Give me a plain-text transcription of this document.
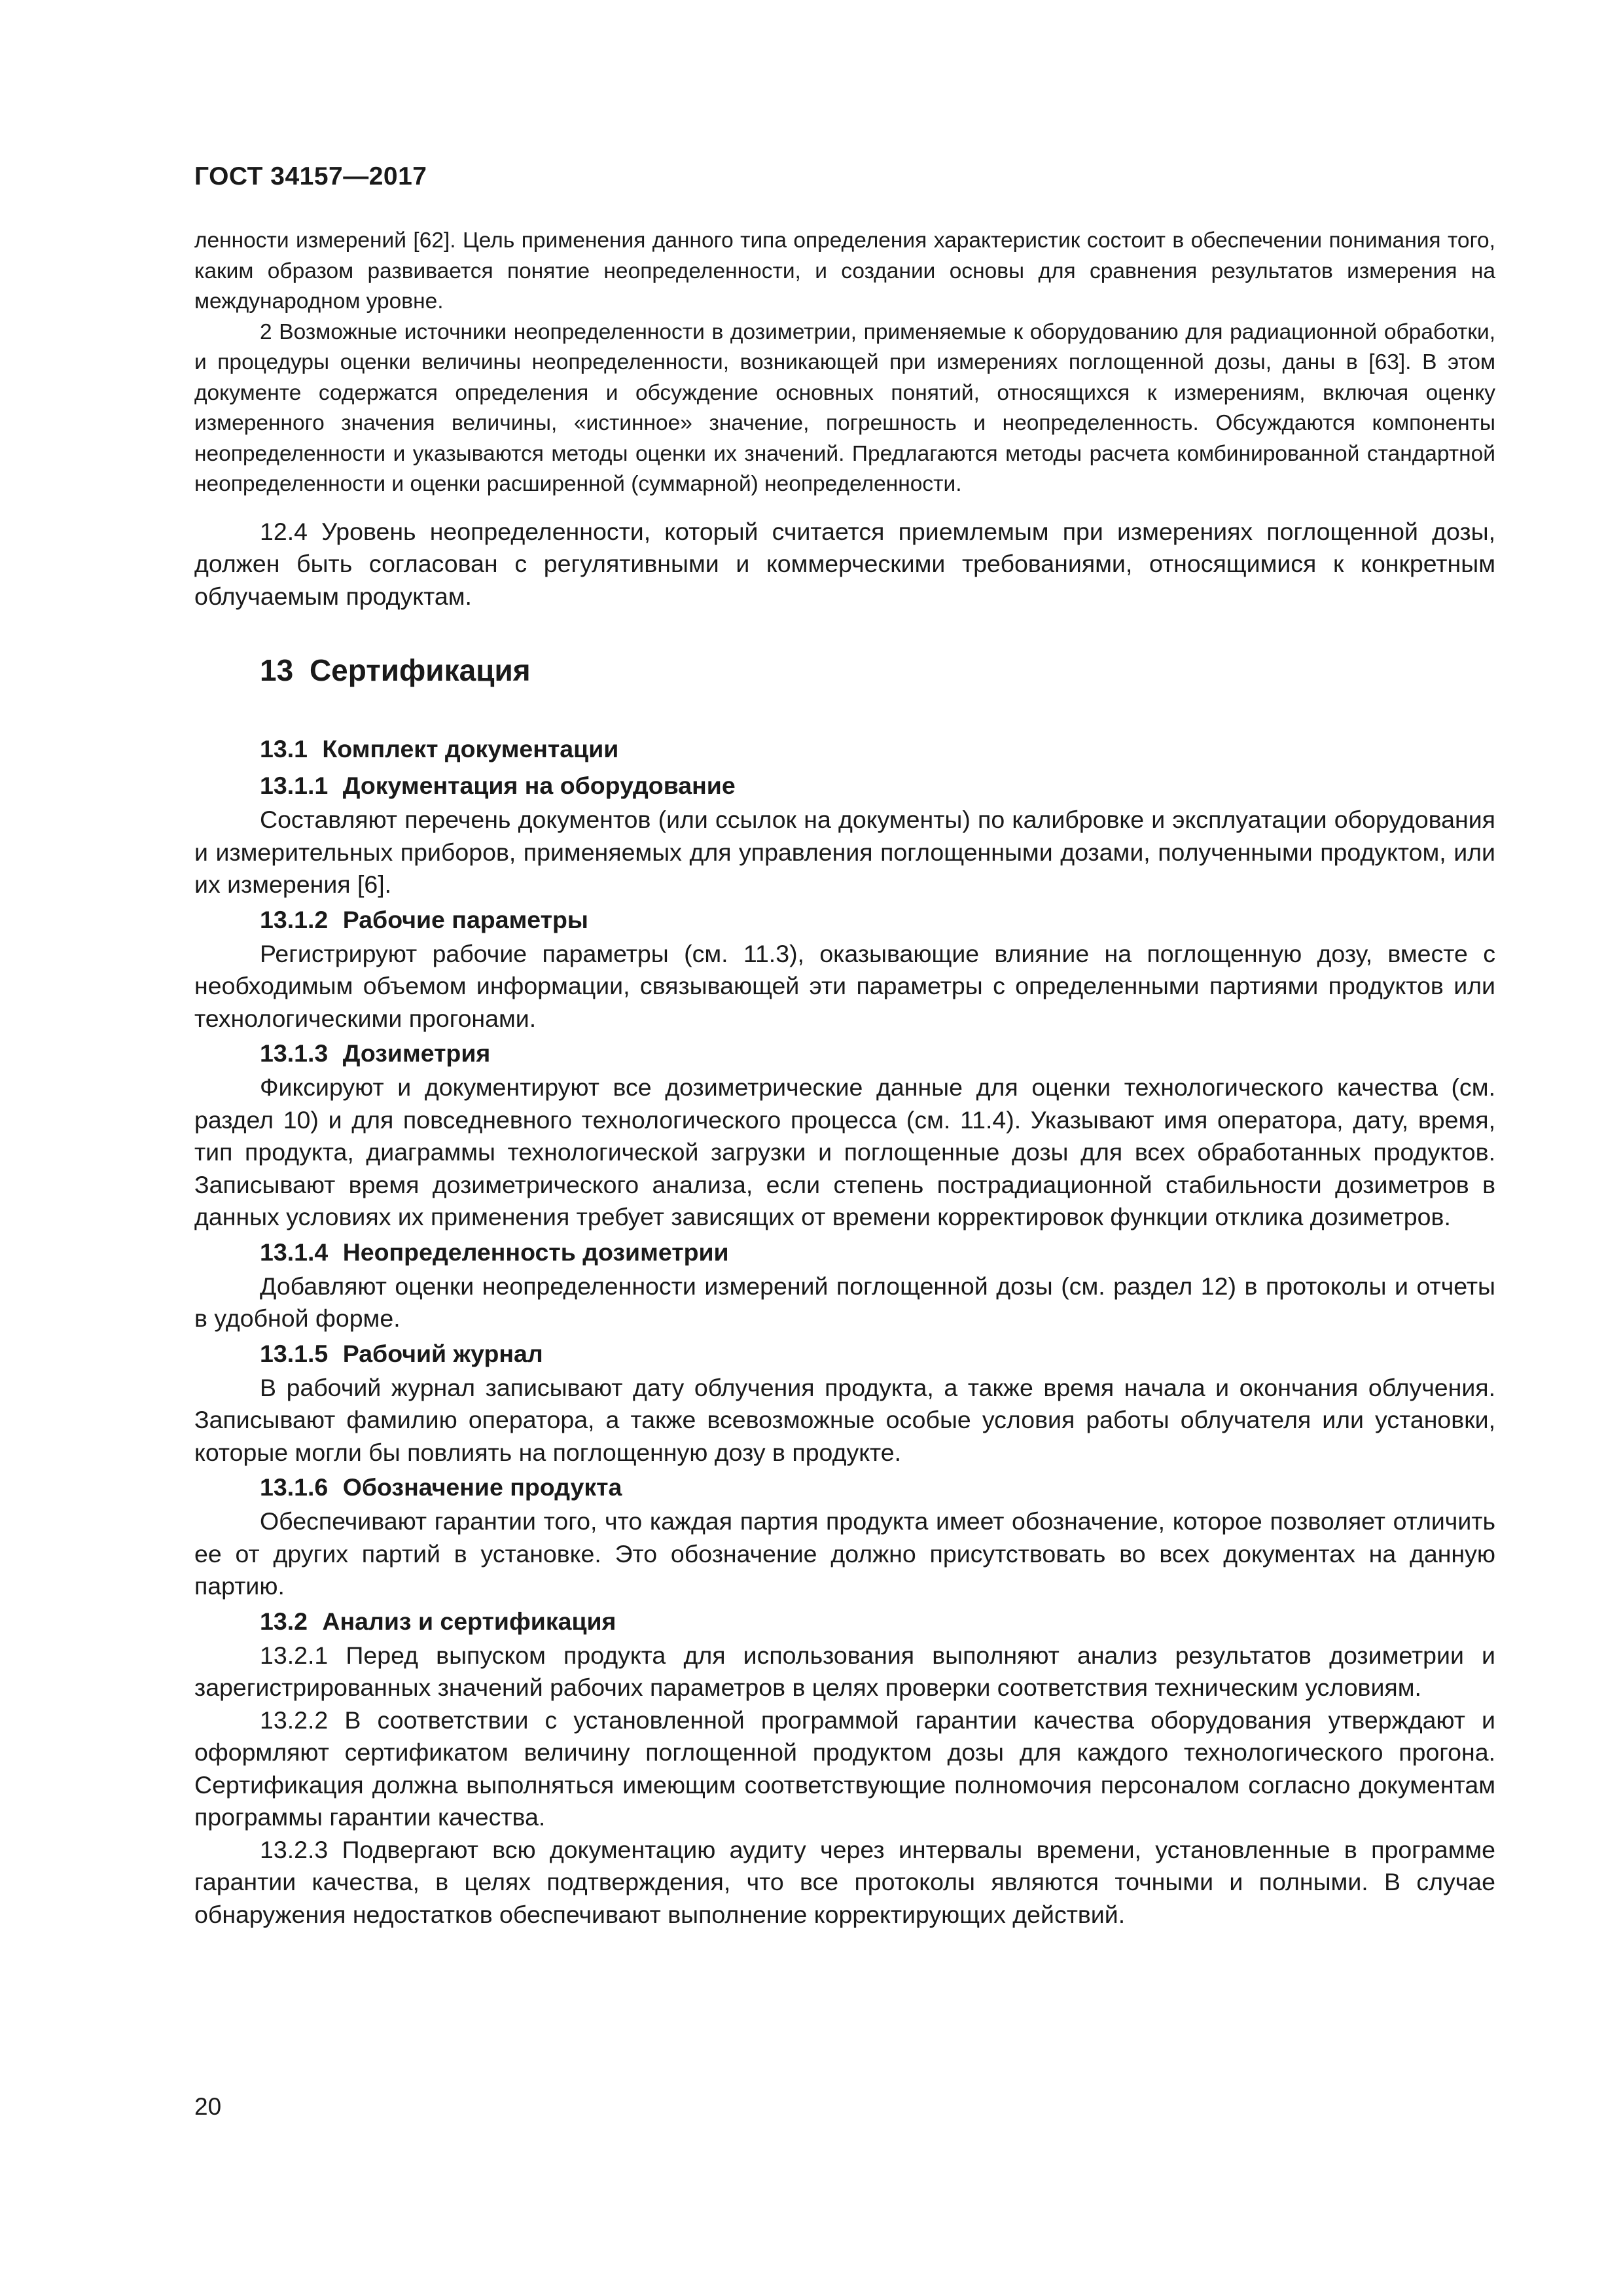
ГОСТ 34157—2017

ленности измерений [62]. Цель применения данного типа определения характеристик состоит в обеспечении понимания того, каким образом развивается понятие неопределенности, и создании основы для сравнения результатов измерения на международном уровне.

2 Возможные источники неопределенности в дозиметрии, применяемые к оборудованию для радиационной обработки, и процедуры оценки величины неопределенности, возникающей при измерениях поглощенной дозы, даны в [63]. В этом документе содержатся определения и обсуждение основных понятий, относящихся к измерениям, включая оценку измеренного значения величины, «истинное» значение, погрешность и неопределенность. Обсуждаются компоненты неопределенности и указываются методы оценки их значений. Предлагаются методы расчета комбинированной стандартной неопределенности и оценки расширенной (суммарной) неопределенности.

12.4 Уровень неопределенности, который считается приемлемым при измерениях поглощенной дозы, должен быть согласован с регулятивными и коммерческими требованиями, относящимися к конкретным облучаемым продуктам.

13 Сертификация
13.1 Комплект документации
13.1.1 Документация на оборудование

Составляют перечень документов (или ссылок на документы) по калибровке и эксплуатации оборудования и измерительных приборов, применяемых для управления поглощенными дозами, полученными продуктом, или их измерения [6].

13.1.2 Рабочие параметры

Регистрируют рабочие параметры (см. 11.3), оказывающие влияние на поглощенную дозу, вместе с необходимым объемом информации, связывающей эти параметры с определенными партиями продуктов или технологическими прогонами.

13.1.3 Дозиметрия

Фиксируют и документируют все дозиметрические данные для оценки технологического качества (см. раздел 10) и для повседневного технологического процесса (см. 11.4). Указывают имя оператора, дату, время, тип продукта, диаграммы технологической загрузки и поглощенные дозы для всех обработанных продуктов. Записывают время дозиметрического анализа, если степень пострадиационной стабильности дозиметров в данных условиях их применения требует зависящих от времени корректировок функции отклика дозиметров.

13.1.4 Неопределенность дозиметрии

Добавляют оценки неопределенности измерений поглощенной дозы (см. раздел 12) в протоколы и отчеты в удобной форме.

13.1.5 Рабочий журнал

В рабочий журнал записывают дату облучения продукта, а также время начала и окончания облучения. Записывают фамилию оператора, а также всевозможные особые условия работы облучателя или установки, которые могли бы повлиять на поглощенную дозу в продукте.

13.1.6 Обозначение продукта

Обеспечивают гарантии того, что каждая партия продукта имеет обозначение, которое позволяет отличить ее от других партий в установке. Это обозначение должно присутствовать во всех документах на данную партию.

13.2 Анализ и сертификация

13.2.1 Перед выпуском продукта для использования выполняют анализ результатов дозиметрии и зарегистрированных значений рабочих параметров в целях проверки соответствия техническим условиям.

13.2.2 В соответствии с установленной программой гарантии качества оборудования утверждают и оформляют сертификатом величину поглощенной продуктом дозы для каждого технологического прогона. Сертификация должна выполняться имеющим соответствующие полномочия персоналом согласно документам программы гарантии качества.

13.2.3 Подвергают всю документацию аудиту через интервалы времени, установленные в программе гарантии качества, в целях подтверждения, что все протоколы являются точными и полными. В случае обнаружения недостатков обеспечивают выполнение корректирующих действий.

20
